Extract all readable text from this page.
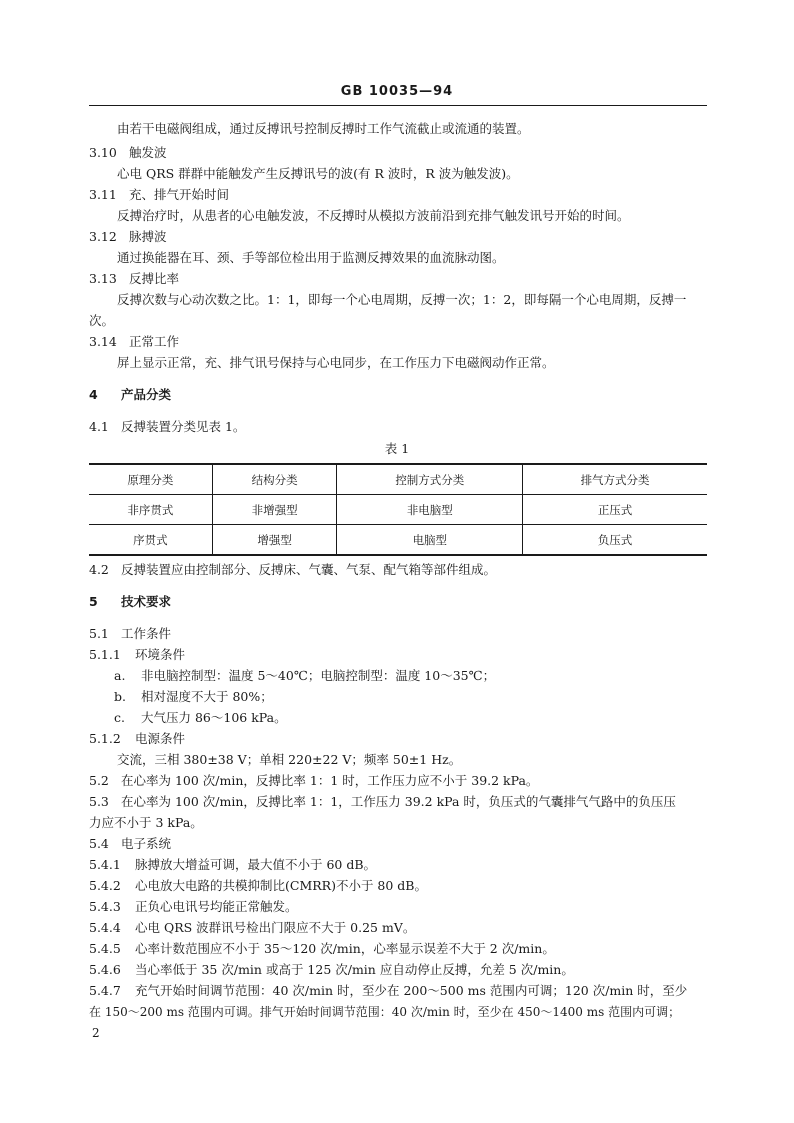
GB 10035—94
由若干电磁阀组成，通过反搏讯号控制反搏时工作气流截止或流通的装置。
3.10 触发波
心电 QRS 群群中能触发产生反搏讯号的波(有 R 波时，R 波为触发波)。
3.11 充、排气开始时间
反搏治疗时，从患者的心电触发波，不反搏时从模拟方波前沿到充排气触发讯号开始的时间。
3.12 脉搏波
通过换能器在耳、颈、手等部位检出用于监测反搏效果的血流脉动图。
3.13 反搏比率
反搏次数与心动次数之比。1：1，即每一个心电周期，反搏一次；1：2，即每隔一个心电周期，反搏一
次。
3.14 正常工作
屏上显示正常，充、排气讯号保持与心电同步，在工作压力下电磁阀动作正常。
4 产品分类
4.1 反搏装置分类见表 1。
表 1
原理分类	结构分类	控制方式分类	排气方式分类
非序贯式	非增强型	非电脑型	正压式
序贯式	增强型	电脑型	负压式
4.2 反搏装置应由控制部分、反搏床、气囊、气泵、配气箱等部件组成。
5 技术要求
5.1 工作条件
5.1.1 环境条件
a. 非电脑控制型：温度 5～40℃；电脑控制型：温度 10～35℃；
b. 相对湿度不大于 80%；
c. 大气压力 86～106 kPa。
5.1.2 电源条件
交流，三相 380±38 V；单相 220±22 V；频率 50±1 Hz。
5.2 在心率为 100 次/min，反搏比率 1：1 时，工作压力应不小于 39.2 kPa。
5.3 在心率为 100 次/min，反搏比率 1：1，工作压力 39.2 kPa 时，负压式的气囊排气气路中的负压压
力应不小于 3 kPa。
5.4 电子系统
5.4.1 脉搏放大增益可调，最大值不小于 60 dB。
5.4.2 心电放大电路的共模抑制比(CMRR)不小于 80 dB。
5.4.3 正负心电讯号均能正常触发。
5.4.4 心电 QRS 波群讯号检出门限应不大于 0.25 mV。
5.4.5 心率计数范围应不小于 35～120 次/min，心率显示误差不大于 2 次/min。
5.4.6 当心率低于 35 次/min 或高于 125 次/min 应自动停止反搏，允差 5 次/min。
5.4.7 充气开始时间调节范围：40 次/min 时，至少在 200～500 ms 范围内可调；120 次/min 时，至少
在 150～200 ms 范围内可调。排气开始时间调节范围：40 次/min 时，至少在 450～1400 ms 范围内可调；
2
